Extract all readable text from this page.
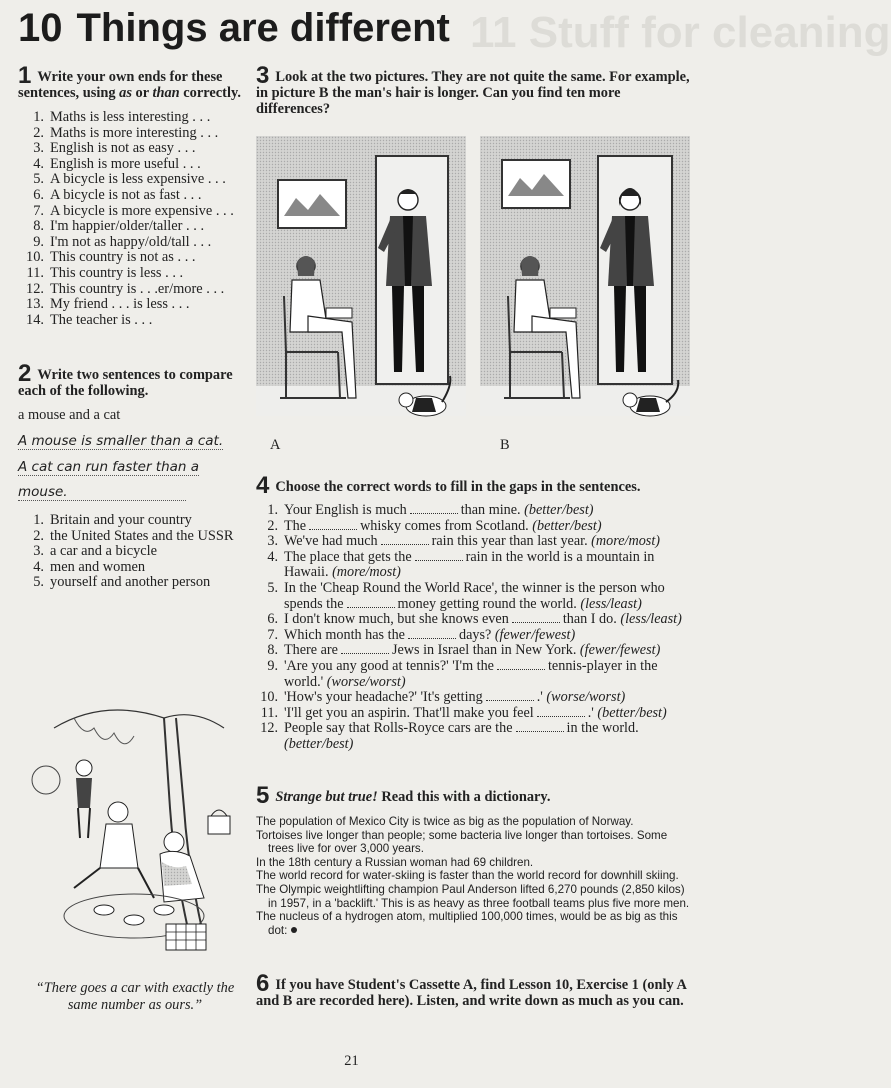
11 Stuff for cleaning
10 Things are different
1 Write your own ends for these sentences, using as or than correctly.
1. Maths is less interesting . . .
2. Maths is more interesting . . .
3. English is not as easy . . .
4. English is more useful . . .
5. A bicycle is less expensive . . .
6. A bicycle is not as fast . . .
7. A bicycle is more expensive . . .
8. I'm happier/older/taller . . .
9. I'm not as happy/old/tall . . .
10. This country is not as . . .
11. This country is less . . .
12. This country is . . .er/more . . .
13. My friend . . . is less . . .
14. The teacher is . . .
2 Write two sentences to compare each of the following.
a mouse and a cat
A mouse is smaller than a cat.
A cat can run faster than a
mouse.
1. Britain and your country
2. the United States and the USSR
3. a car and a bicycle
4. men and women
5. yourself and another person
3 Look at the two pictures. They are not quite the same. For example, in picture B the man's hair is longer. Can you find ten more differences?
A	B
4 Choose the correct words to fill in the gaps in the sentences.
1. Your English is much	than mine. (better/best)
2. The	whisky comes from Scotland. (better/best)
3. We've had much	rain this year than last year. (more/most)
4. The place that gets the	rain in the world is a mountain in Hawaii. (more/most)
5. In the 'Cheap Round the World Race', the winner is the person who spends the	money getting round the world. (less/least)
6. I don't know much, but she knows even	than I do. (less/least)
7. Which month has the	days? (fewer/fewest)
8. There are	Jews in Israel than in New York. (fewer/fewest)
9. 'Are you any good at tennis?' 'I'm the	tennis-player in the world.' (worse/worst)
10. 'How's your headache?' 'It's getting	.' (worse/worst)
11. 'I'll get you an aspirin. That'll make you feel	.' (better/best)
12. People say that Rolls-Royce cars are the	in the world. (better/best)
5 Strange but true! Read this with a dictionary.

The population of Mexico City is twice as big as the population of Norway.

Tortoises live longer than people; some bacteria live longer than tortoises. Some trees live for over 3,000 years.

In the 18th century a Russian woman had 69 children.

The world record for water-skiing is faster than the world record for downhill skiing.

The Olympic weightlifting champion Paul Anderson lifted 6,270 pounds (2,850 kilos) in 1957, in a 'backlift.' This is as heavy as three football teams plus five more men.

The nucleus of a hydrogen atom, multiplied 100,000 times, would be as big as this dot:

6 If you have Student's Cassette A, find Lesson 10, Exercise 1 (only A and B are recorded here). Listen, and write down as much as you can.
“There goes a car with exactly the same number as ours.”
21
